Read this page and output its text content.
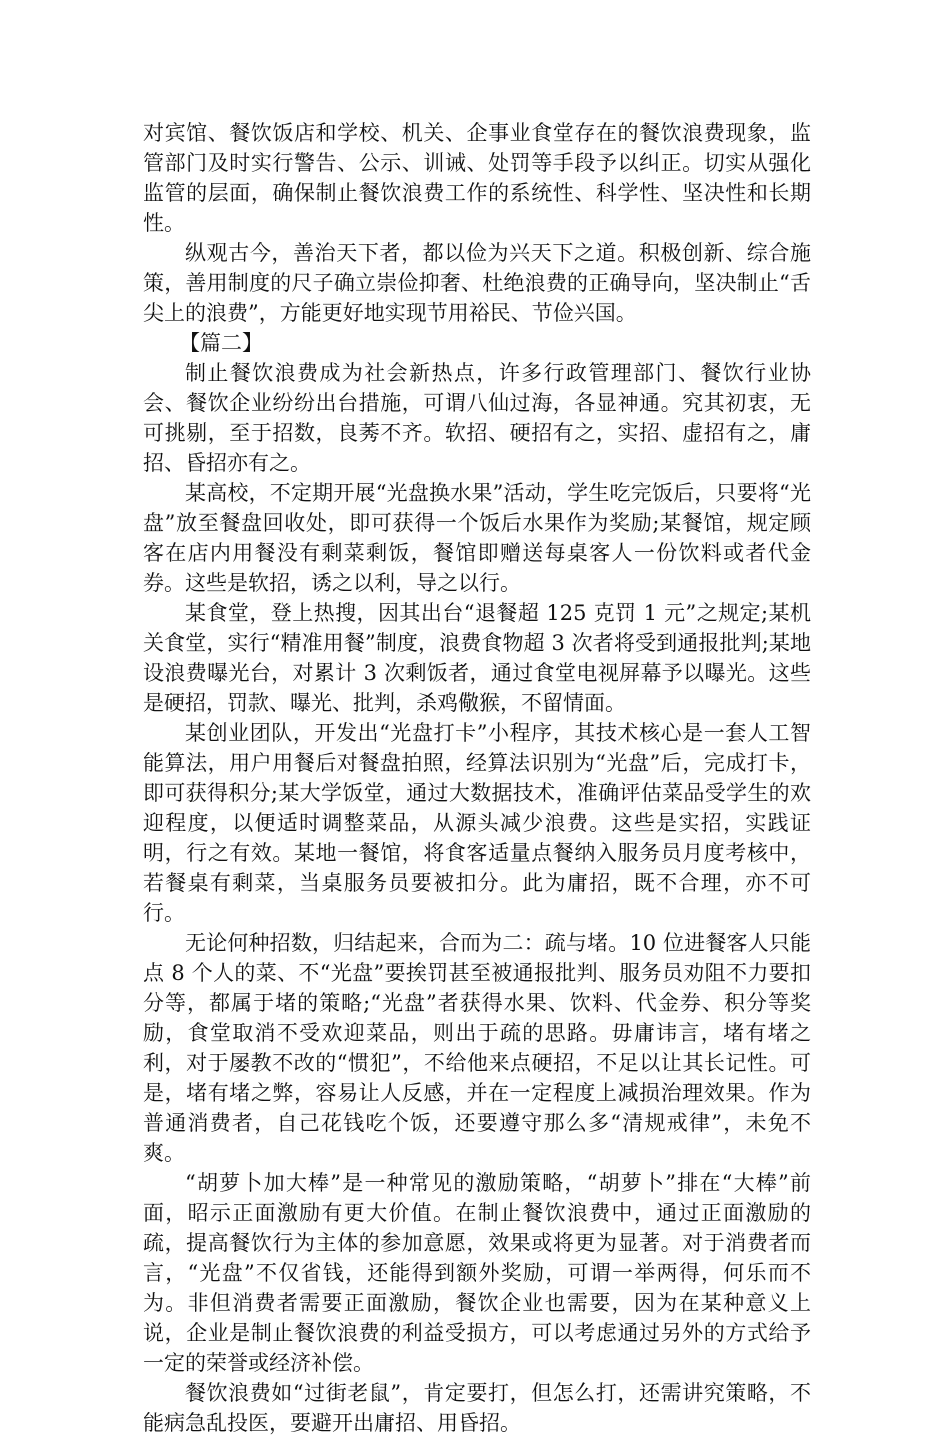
对宾馆、餐饮饭店和学校、机关、企事业食堂存在的餐饮浪费现象，监管部门及时实行警告、公示、训诫、处罚等手段予以纠正。切实从强化监管的层面，确保制止餐饮浪费工作的系统性、科学性、坚决性和长期性。

纵观古今，善治天下者，都以俭为兴天下之道。积极创新、综合施策，善用制度的尺子确立崇俭抑奢、杜绝浪费的正确导向，坚决制止“舌尖上的浪费”，方能更好地实现节用裕民、节俭兴国。

【篇二】

制止餐饮浪费成为社会新热点，许多行政管理部门、餐饮行业协会、餐饮企业纷纷出台措施，可谓八仙过海，各显神通。究其初衷，无可挑剔，至于招数，良莠不齐。软招、硬招有之，实招、虚招有之，庸招、昏招亦有之。

某高校，不定期开展“光盘换水果”活动，学生吃完饭后，只要将“光盘”放至餐盘回收处，即可获得一个饭后水果作为奖励;某餐馆，规定顾客在店内用餐没有剩菜剩饭，餐馆即赠送每桌客人一份饮料或者代金券。这些是软招，诱之以利，导之以行。

某食堂，登上热搜，因其出台“退餐超 125 克罚 1 元”之规定;某机关食堂，实行“精准用餐”制度，浪费食物超 3 次者将受到通报批判;某地设浪费曝光台，对累计 3 次剩饭者，通过食堂电视屏幕予以曝光。这些是硬招，罚款、曝光、批判，杀鸡儆猴，不留情面。

某创业团队，开发出“光盘打卡”小程序，其技术核心是一套人工智能算法，用户用餐后对餐盘拍照，经算法识别为“光盘”后，完成打卡，即可获得积分;某大学饭堂，通过大数据技术，准确评估菜品受学生的欢迎程度，以便适时调整菜品，从源头减少浪费。这些是实招，实践证明，行之有效。某地一餐馆，将食客适量点餐纳入服务员月度考核中，若餐桌有剩菜，当桌服务员要被扣分。此为庸招，既不合理，亦不可行。

无论何种招数，归结起来，合而为二：疏与堵。10 位进餐客人只能点 8 个人的菜、不“光盘”要挨罚甚至被通报批判、服务员劝阻不力要扣分等，都属于堵的策略;“光盘”者获得水果、饮料、代金券、积分等奖励，食堂取消不受欢迎菜品，则出于疏的思路。毋庸讳言，堵有堵之利，对于屡教不改的“惯犯”，不给他来点硬招，不足以让其长记性。可是，堵有堵之弊，容易让人反感，并在一定程度上减损治理效果。作为普通消费者，自己花钱吃个饭，还要遵守那么多“清规戒律”，未免不爽。

“胡萝卜加大棒”是一种常见的激励策略，“胡萝卜”排在“大棒”前面，昭示正面激励有更大价值。在制止餐饮浪费中，通过正面激励的疏，提高餐饮行为主体的参加意愿，效果或将更为显著。对于消费者而言，“光盘”不仅省钱，还能得到额外奖励，可谓一举两得，何乐而不为。非但消费者需要正面激励，餐饮企业也需要，因为在某种意义上说，企业是制止餐饮浪费的利益受损方，可以考虑通过另外的方式给予一定的荣誉或经济补偿。

餐饮浪费如“过街老鼠”，肯定要打，但怎么打，还需讲究策略，不能病急乱投医，要避开出庸招、用昏招。
